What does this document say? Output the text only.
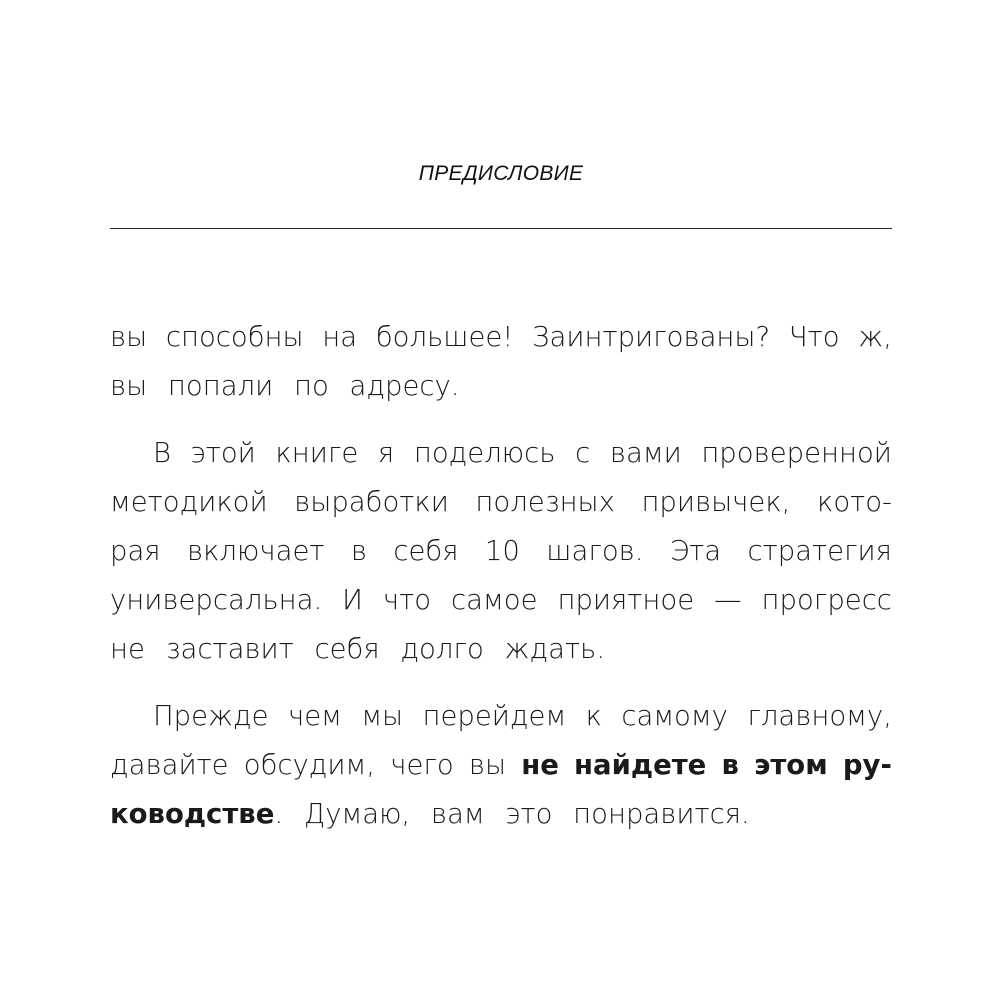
ПРЕДИСЛОВИЕ
вы способны на большее! Заинтригованы? Что ж,
вы попали по адресу.
В этой книге я поделюсь с вами проверенной
методикой выработки полезных привычек, кото-
рая включает в себя 10 шагов. Эта стратегия
универсальна. И что самое приятное — прогресс
не заставит себя долго ждать.
Прежде чем мы перейдем к самому главному,
давайте обсудим, чего вы не найдете в этом ру-
ководстве. Думаю, вам это понравится.
